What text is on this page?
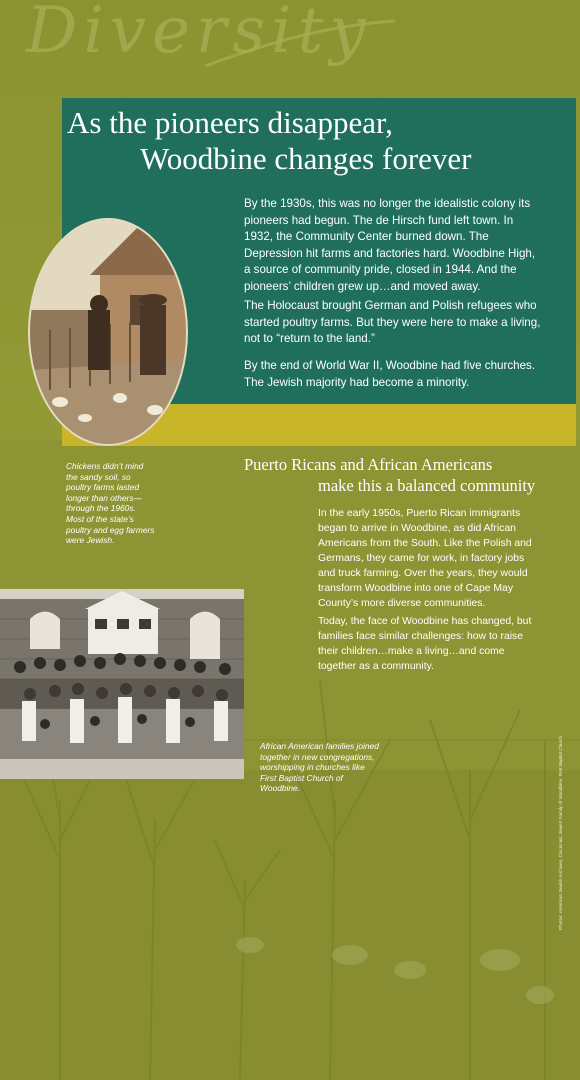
Diversity
As the pioneers disappear,
Woodbine changes forever

By the 1930s, this was no longer the idealistic colony its pioneers had begun. The de Hirsch fund left town. In 1932, the Community Center burned down. The Depression hit farms and factories hard. Woodbine High, a source of community pride, closed in 1944. And the pioneers’ children grew up…and moved away.

The Holocaust brought German and Polish refugees who started poultry farms. But they were here to make a living, not to “return to the land.”

By the end of World War II, Woodbine had five churches. The Jewish majority had become a minority.

Chickens didn’t mind the sandy soil, so poultry farms lasted longer than others—through the 1960s. Most of the state’s poultry and egg farmers were Jewish.

Puerto Ricans and African Americans
make this a balanced community

In the early 1950s, Puerto Rican immigrants began to arrive in Woodbine, as did African Americans from the South. Like the Polish and Germans, they came for work, in factory jobs and truck farming. Over the years, they would transform Woodbine into one of Cape May County’s more diverse communities.

Today, the face of Woodbine has changed, but families face similar challenges: how to raise their children…make a living…and come together as a community.

African American families joined together in new congregations, worshipping in churches like First Baptist Church of Woodbine.	Photos: American Jewish Archives, Cincinnati; Jewish Family of Woodbine; First Baptist Church
